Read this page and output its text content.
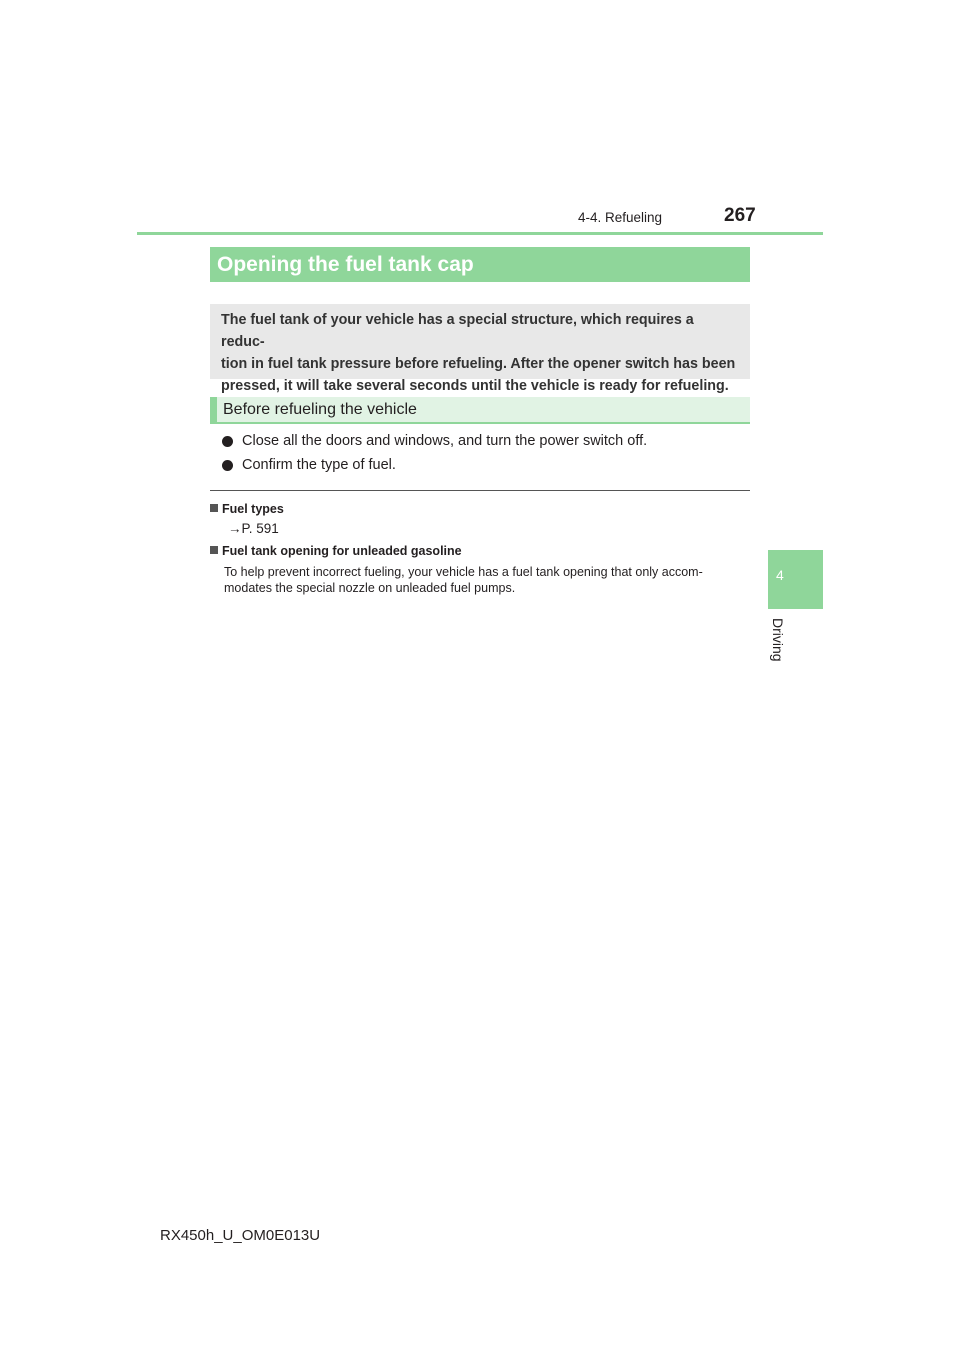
4-4. Refueling	267
Opening the fuel tank cap

The fuel tank of your vehicle has a special structure, which requires a reduc-

tion in fuel tank pressure before refueling. After the opener switch has been

pressed, it will take several seconds until the vehicle is ready for refueling.

Before refueling the vehicle
Close all the doors and windows, and turn the power switch off.
Confirm the type of fuel.
Fuel types
→P. 591
Fuel tank opening for unleaded gasoline
To help prevent incorrect fueling, your vehicle has a fuel tank opening that only accom-
modates the special nozzle on unleaded fuel pumps.
4
Driving
RX450h_U_OM0E013U
